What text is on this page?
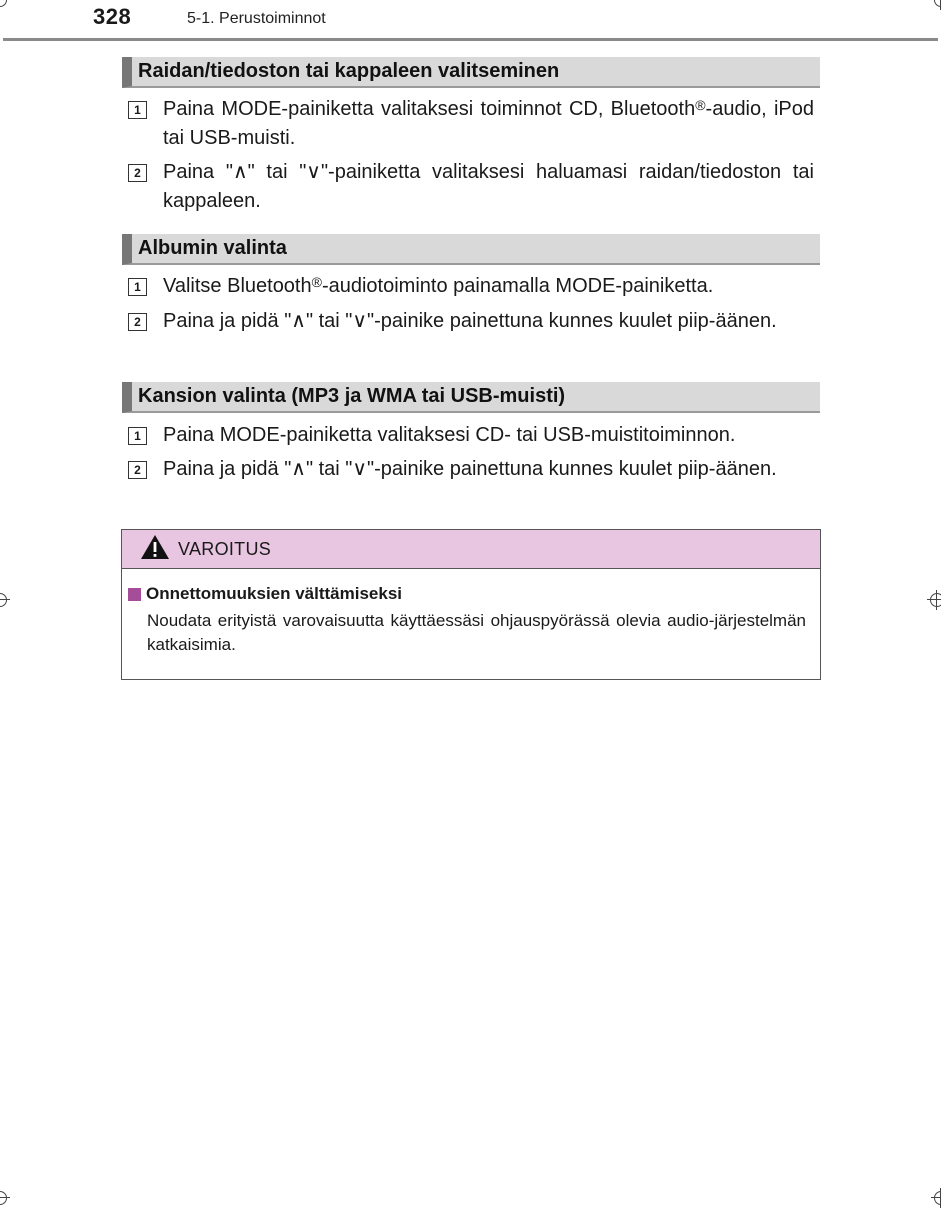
328	5-1. Perustoiminnot
Raidan/tiedoston tai kappaleen valitseminen
1	Paina MODE-painiketta valitaksesi toiminnot CD, Bluetooth®-audio, iPod tai USB-muisti.
2	Paina "∧" tai "∨"-painiketta valitaksesi haluamasi raidan/tiedoston tai kappaleen.
Albumin valinta
1	Valitse Bluetooth®-audiotoiminto painamalla MODE-painiketta.
2	Paina ja pidä "∧" tai "∨"-painike painettuna kunnes kuulet piip-äänen.
Kansion valinta (MP3 ja WMA tai USB-muisti)
1	Paina MODE-painiketta valitaksesi CD- tai USB-muistitoiminnon.
2	Paina ja pidä "∧" tai "∨"-painike painettuna kunnes kuulet piip-äänen.
VAROITUS
Onnettomuuksien välttämiseksi
Noudata erityistä varovaisuutta käyttäessäsi ohjauspyörässä olevia audio-järjestelmän katkaisimia.
